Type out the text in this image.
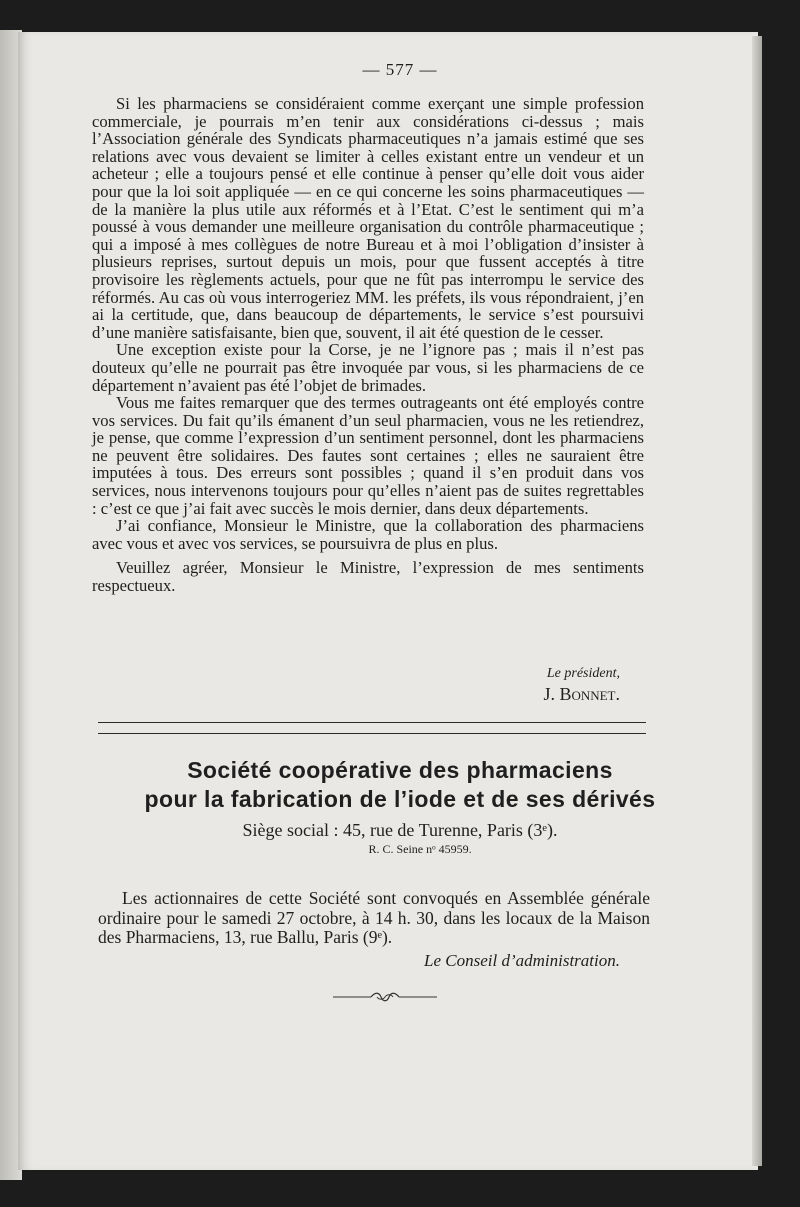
— 577 —

Si les pharmaciens se considéraient comme exerçant une simple profession commerciale, je pourrais m’en tenir aux considérations ci-dessus ; mais l’Association générale des Syndicats pharmaceutiques n’a jamais estimé que ses relations avec vous devaient se limiter à celles existant entre un vendeur et un acheteur ; elle a toujours pensé et elle continue à penser qu’elle doit vous aider pour que la loi soit appliquée — en ce qui concerne les soins pharmaceutiques — de la manière la plus utile aux réformés et à l’Etat. C’est le sentiment qui m’a poussé à vous demander une meilleure organisation du contrôle pharmaceutique ; qui a imposé à mes collègues de notre Bureau et à moi l’obligation d’insister à plusieurs reprises, surtout depuis un mois, pour que fussent acceptés à titre provisoire les règlements actuels, pour que ne fût pas interrompu le service des réformés. Au cas où vous interrogeriez MM. les préfets, ils vous répondraient, j’en ai la certitude, que, dans beaucoup de départements, le service s’est poursuivi d’une manière satisfaisante, bien que, souvent, il ait été question de le cesser.

Une exception existe pour la Corse, je ne l’ignore pas ; mais il n’est pas douteux qu’elle ne pourrait pas être invoquée par vous, si les pharmaciens de ce département n’avaient pas été l’objet de brimades.

Vous me faites remarquer que des termes outrageants ont été employés contre vos services. Du fait qu’ils émanent d’un seul pharmacien, vous ne les retiendrez, je pense, que comme l’expression d’un sentiment personnel, dont les pharmaciens ne peuvent être solidaires. Des fautes sont certaines ; elles ne sauraient être imputées à tous. Des erreurs sont possibles ; quand il s’en produit dans vos services, nous intervenons toujours pour qu’elles n’aient pas de suites regrettables : c’est ce que j’ai fait avec succès le mois dernier, dans deux départements.

J’ai confiance, Monsieur le Ministre, que la collaboration des pharmaciens avec vous et avec vos services, se poursuivra de plus en plus.

Veuillez agréer, Monsieur le Ministre, l’expression de mes sentiments respectueux.

Le président,
J. Bonnet.
Société coopérative des pharmaciens
pour la fabrication de l’iode et de ses dérivés
Siège social : 45, rue de Turenne, Paris (3ᵉ).
R. C. Seine nᵒ 45959.

Les actionnaires de cette Société sont convoqués en Assemblée générale ordinaire pour le samedi 27 octobre, à 14 h. 30, dans les locaux de la Maison des Pharmaciens, 13, rue Ballu, Paris (9ᵉ).

Le Conseil d’administration.
